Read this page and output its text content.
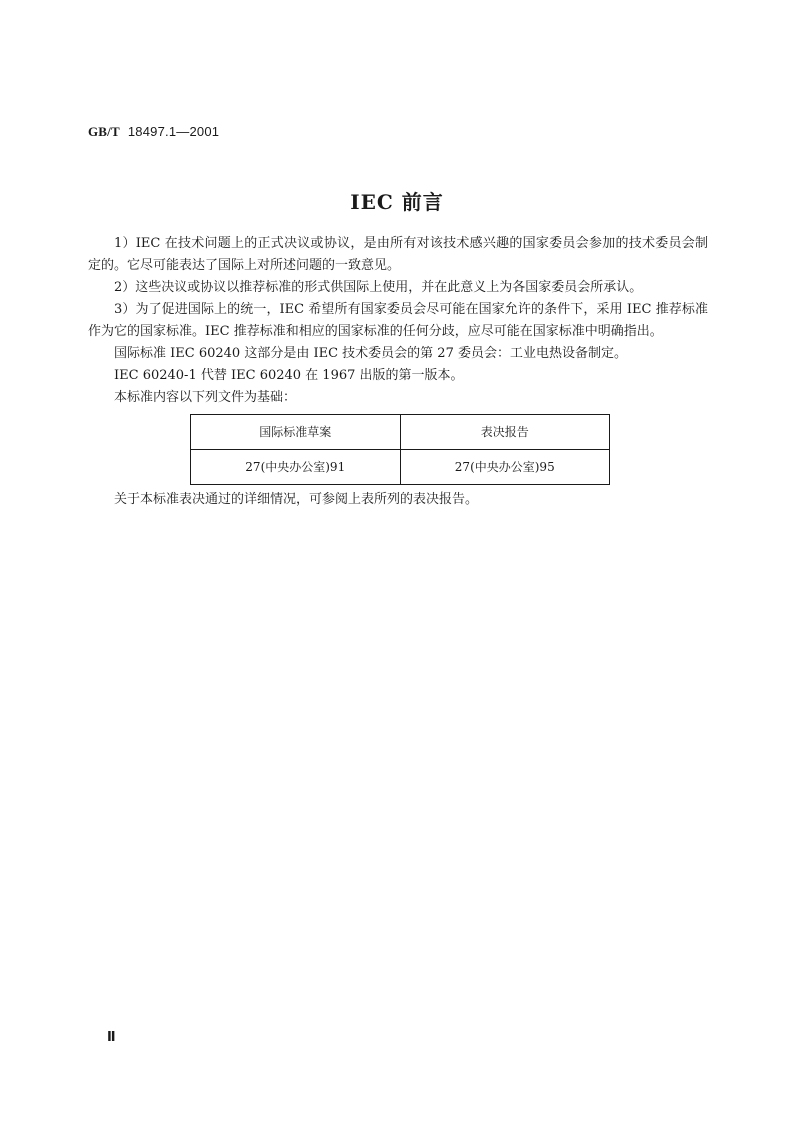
GB/T 18497.1—2001
IEC 前言

1）IEC 在技术问题上的正式决议或协议，是由所有对该技术感兴趣的国家委员会参加的技术委员会制定的。它尽可能表达了国际上对所述问题的一致意见。

2）这些决议或协议以推荐标准的形式供国际上使用，并在此意义上为各国家委员会所承认。

3）为了促进国际上的统一，IEC 希望所有国家委员会尽可能在国家允许的条件下，采用 IEC 推荐标准作为它的国家标准。IEC 推荐标准和相应的国家标准的任何分歧，应尽可能在国家标准中明确指出。

国际标准 IEC 60240 这部分是由 IEC 技术委员会的第 27 委员会：工业电热设备制定。

IEC 60240-1 代替 IEC 60240 在 1967 出版的第一版本。

本标准内容以下列文件为基础：

国际标准草案	表决报告
27(中央办公室)91	27(中央办公室)95

关于本标准表决通过的详细情况，可参阅上表所列的表决报告。

Ⅱ
